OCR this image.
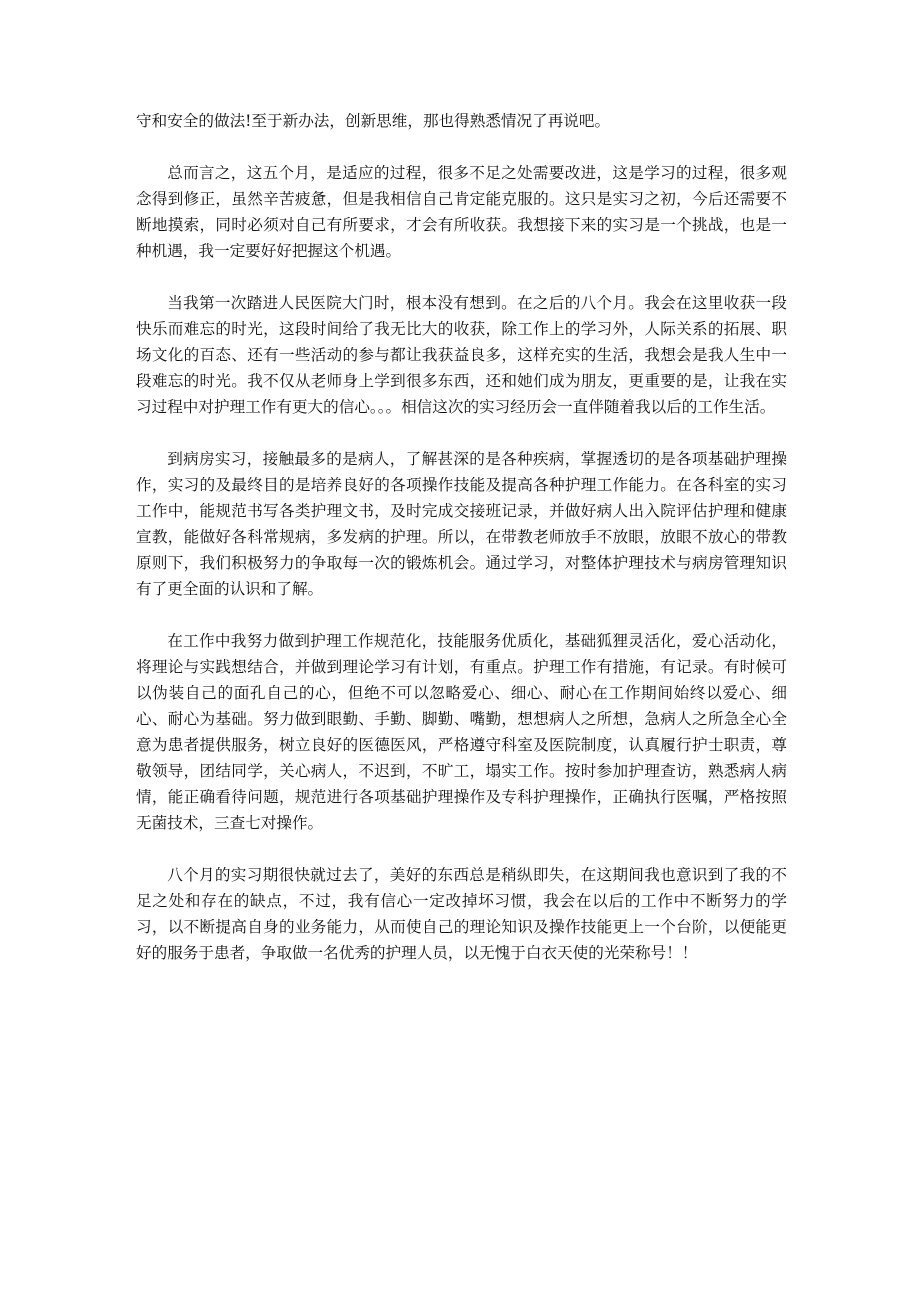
守和安全的做法!至于新办法，创新思维，那也得熟悉情况了再说吧。

总而言之，这五个月，是适应的过程，很多不足之处需要改进，这是学习的过程，很多观念得到修正，虽然辛苦疲惫，但是我相信自己肯定能克服的。这只是实习之初，今后还需要不断地摸索，同时必须对自己有所要求，才会有所收获。我想接下来的实习是一个挑战，也是一种机遇，我一定要好好把握这个机遇。

当我第一次踏进人民医院大门时，根本没有想到。在之后的八个月。我会在这里收获一段快乐而难忘的时光，这段时间给了我无比大的收获，除工作上的学习外，人际关系的拓展、职场文化的百态、还有一些活动的参与都让我获益良多，这样充实的生活，我想会是我人生中一段难忘的时光。我不仅从老师身上学到很多东西，还和她们成为朋友，更重要的是，让我在实习过程中对护理工作有更大的信心。。。相信这次的实习经历会一直伴随着我以后的工作生活。

到病房实习，接触最多的是病人，了解甚深的是各种疾病，掌握透切的是各项基础护理操作，实习的及最终目的是培养良好的各项操作技能及提高各种护理工作能力。在各科室的实习工作中，能规范书写各类护理文书，及时完成交接班记录，并做好病人出入院评估护理和健康宣教，能做好各科常规病，多发病的护理。所以，在带教老师放手不放眼，放眼不放心的带教原则下，我们积极努力的争取每一次的锻炼机会。通过学习，对整体护理技术与病房管理知识有了更全面的认识和了解。

在工作中我努力做到护理工作规范化，技能服务优质化，基础狐狸灵活化，爱心活动化，将理论与实践想结合，并做到理论学习有计划，有重点。护理工作有措施，有记录。有时候可以伪装自己的面孔自己的心，但绝不可以忽略爱心、细心、耐心在工作期间始终以爱心、细心、耐心为基础。努力做到眼勤、手勤、脚勤、嘴勤，想想病人之所想，急病人之所急全心全意为患者提供服务，树立良好的医德医风，严格遵守科室及医院制度，认真履行护士职责，尊敬领导，团结同学，关心病人，不迟到，不旷工，塌实工作。按时参加护理查访，熟悉病人病情，能正确看待问题，规范进行各项基础护理操作及专科护理操作，正确执行医嘱，严格按照无菌技术，三查七对操作。

八个月的实习期很快就过去了，美好的东西总是稍纵即失，在这期间我也意识到了我的不足之处和存在的缺点，不过，我有信心一定改掉坏习惯，我会在以后的工作中不断努力的学习，以不断提高自身的业务能力，从而使自己的理论知识及操作技能更上一个台阶，以便能更好的服务于患者，争取做一名优秀的护理人员，以无愧于白衣天使的光荣称号！！
